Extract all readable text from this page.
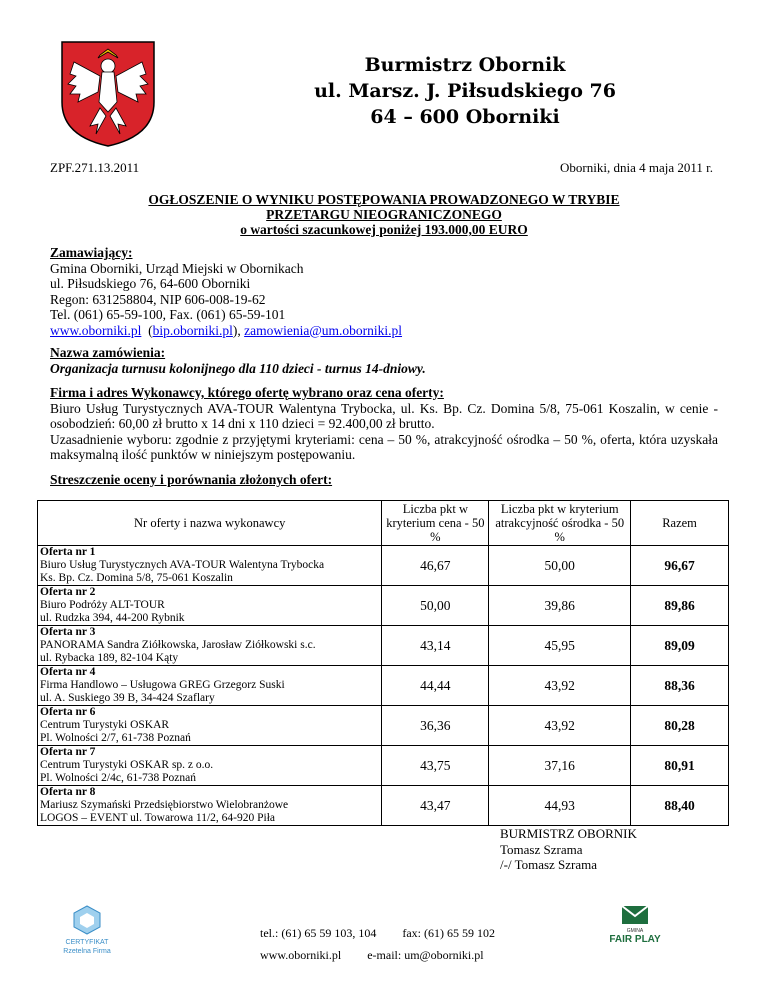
Burmistrz Obornik
ul. Marsz. J. Piłsudskiego 76
64 – 600 Oborniki
ZPF.271.13.2011	Oborniki, dnia 4 maja 2011 r.
OGŁOSZENIE O WYNIKU POSTĘPOWANIA PROWADZONEGO W TRYBIE
PRZETARGU NIEOGRANICZONEGO
o wartości szacunkowej poniżej 193.000,00 EURO
Zamawiający:
Gmina Oborniki, Urząd Miejski w Obornikach
ul. Piłsudskiego 76, 64-600 Oborniki
Regon: 631258804, NIP 606-008-19-62
Tel. (061) 65-59-100, Fax. (061) 65-59-101
www.oborniki.pl  (bip.oborniki.pl), zamowienia@um.oborniki.pl
Nazwa zamówienia:
Organizacja turnusu kolonijnego dla 110 dzieci - turnus 14-dniowy.
Firma i adres Wykonawcy, którego ofertę wybrano oraz cena oferty:
Biuro Usług Turystycznych AVA-TOUR Walentyna Trybocka, ul. Ks. Bp. Cz. Domina 5/8, 75-061 Koszalin, w cenie - osobodzień: 60,00 zł brutto x 14 dni x 110 dzieci = 92.400,00 zł brutto.
Uzasadnienie wyboru: zgodnie z przyjętymi kryteriami: cena – 50 %, atrakcyjność ośrodka – 50 %, oferta, która uzyskała maksymalną ilość punktów w niniejszym postępowaniu.
Streszczenie oceny i porównania złożonych ofert:
Nr oferty i nazwa wykonawcy	Liczba pkt w kryterium cena - 50 %	Liczba pkt w kryterium atrakcyjność ośrodka - 50 %	Razem
Oferta nr 1
Biuro Usług Turystycznych AVA-TOUR Walentyna Trybocka
Ks. Bp. Cz. Domina 5/8, 75-061 Koszalin	46,67	50,00	96,67
Oferta nr 2
Biuro Podróży ALT-TOUR
ul. Rudzka 394, 44-200 Rybnik	50,00	39,86	89,86
Oferta nr 3
PANORAMA Sandra Ziółkowska, Jarosław Ziółkowski s.c.
ul. Rybacka 189, 82-104 Kąty	43,14	45,95	89,09
Oferta nr 4
Firma Handlowo – Usługowa GREG Grzegorz Suski
ul. A. Suskiego 39 B, 34-424 Szaflary	44,44	43,92	88,36
Oferta nr 6
Centrum Turystyki OSKAR
Pl. Wolności 2/7, 61-738 Poznań	36,36	43,92	80,28
Oferta nr 7
Centrum Turystyki OSKAR sp. z o.o.
Pl. Wolności 2/4c, 61-738 Poznań	43,75	37,16	80,91
Oferta nr 8
Mariusz Szymański Przedsiębiorstwo Wielobranżowe
LOGOS – EVENT ul. Towarowa 11/2, 64-920 Piła	43,47	44,93	88,40
BURMISTRZ OBORNIK
Tomasz Szrama
/-/ Tomasz Szrama
CERTYFIKAT
Rzetelna Firma
tel.: (61) 65 59 103, 104 fax: (61) 65 59 102
www.oborniki.pl e-mail: um@oborniki.pl
GMINA
FAIR PLAY
